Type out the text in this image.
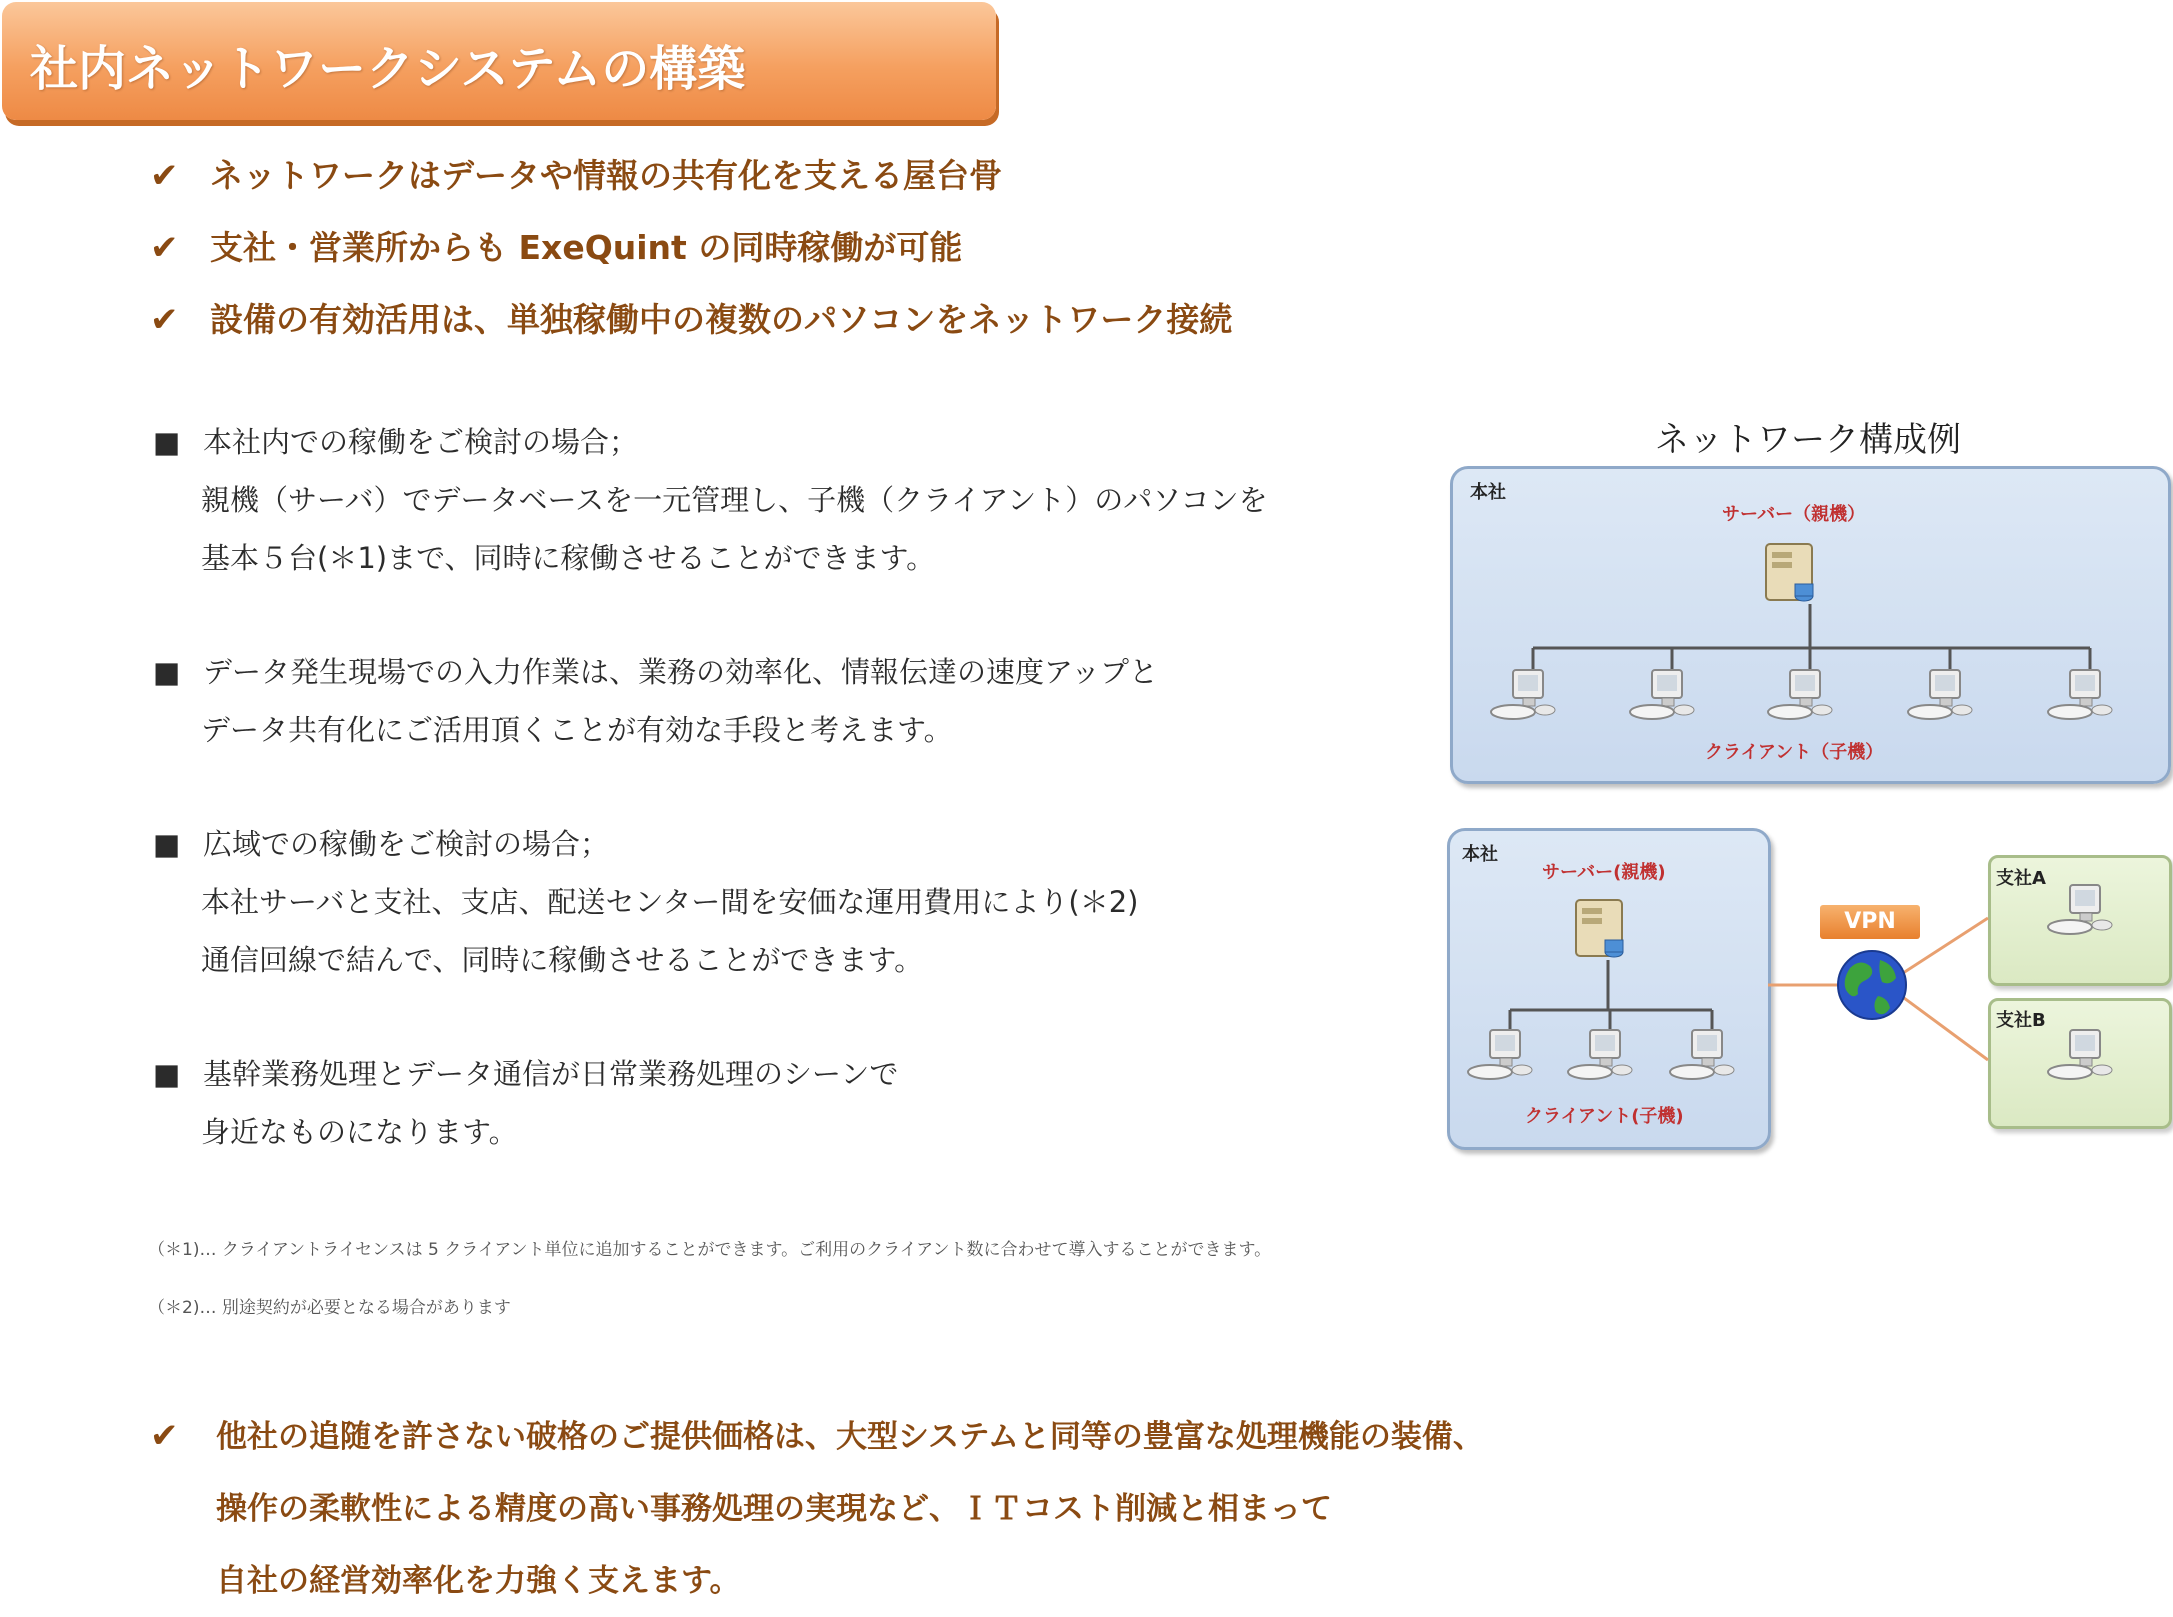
社内ネットワークシステムの構築
✔ ネットワークはデータや情報の共有化を支える屋台骨
✔ 支社・営業所からも ExeQuint の同時稼働が可能
✔ 設備の有効活用は、単独稼働中の複数のパソコンをネットワーク接続
■ 本社内での稼働をご検討の場合；
親機（サーバ）でデータベースを一元管理し、子機（クライアント）のパソコンを
基本５台(＊1)まで、同時に稼働させることができます。
■ データ発生現場での入力作業は、業務の効率化、情報伝達の速度アップと
データ共有化にご活用頂くことが有効な手段と考えます。
■ 広域での稼働をご検討の場合；
本社サーバと支社、支店、配送センター間を安価な運用費用により(＊2)
通信回線で結んで、同時に稼働させることができます。
■ 基幹業務処理とデータ通信が日常業務処理のシーンで
身近なものになります。
（＊1)… クライアントライセンスは 5 クライアント単位に追加することができます。ご利用のクライアント数に合わせて導入することができます。
（＊2)… 別途契約が必要となる場合があります
✔ 他社の追随を許さない破格のご提供価格は、大型システムと同等の豊富な処理機能の装備、
操作の柔軟性による精度の高い事務処理の実現など、ＩＴコスト削減と相まって
自社の経営効率化を力強く支えます。
ネットワーク構成例
本社
サーバー（親機）
クライアント（子機）
本社
サーバー(親機)
クライアント(子機)
支社A
支社B
VPN
